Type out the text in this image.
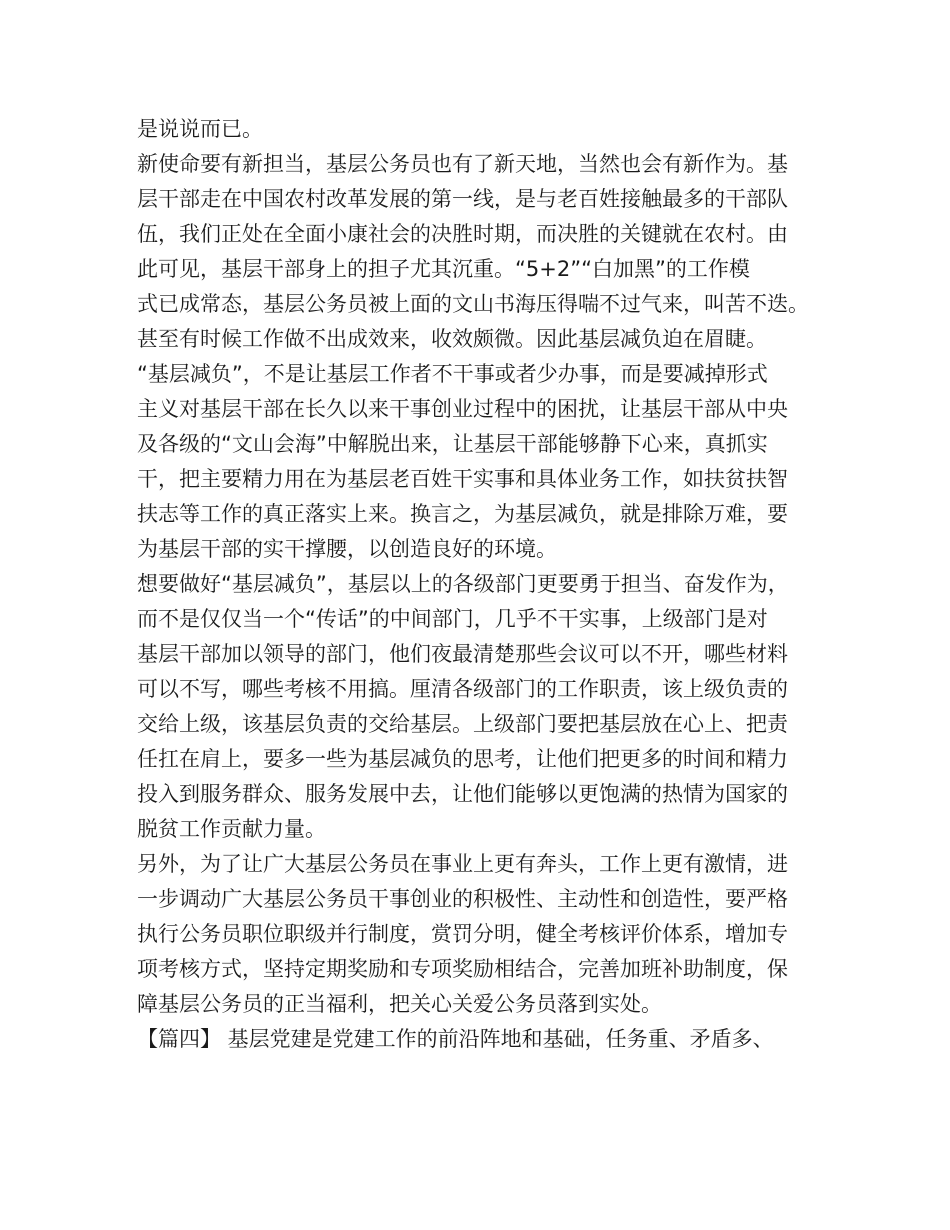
是说说而已。
新使命要有新担当，基层公务员也有了新天地，当然也会有新作为。基
层干部走在中国农村改革发展的第一线，是与老百姓接触最多的干部队
伍，我们正处在全面小康社会的决胜时期，而决胜的关键就在农村。由
此可见，基层干部身上的担子尤其沉重。“5+2”“白加黑”的工作模
式已成常态，基层公务员被上面的文山书海压得喘不过气来，叫苦不迭。
甚至有时候工作做不出成效来，收效颇微。因此基层减负迫在眉睫。
“基层减负”，不是让基层工作者不干事或者少办事，而是要减掉形式
主义对基层干部在长久以来干事创业过程中的困扰，让基层干部从中央
及各级的“文山会海”中解脱出来，让基层干部能够静下心来，真抓实
干，把主要精力用在为基层老百姓干实事和具体业务工作，如扶贫扶智
扶志等工作的真正落实上来。换言之，为基层减负，就是排除万难，要
为基层干部的实干撑腰，以创造良好的环境。
想要做好“基层减负”，基层以上的各级部门更要勇于担当、奋发作为，
而不是仅仅当一个“传话”的中间部门，几乎不干实事，上级部门是对
基层干部加以领导的部门，他们夜最清楚那些会议可以不开，哪些材料
可以不写，哪些考核不用搞。厘清各级部门的工作职责，该上级负责的
交给上级，该基层负责的交给基层。上级部门要把基层放在心上、把责
任扛在肩上，要多一些为基层减负的思考，让他们把更多的时间和精力
投入到服务群众、服务发展中去，让他们能够以更饱满的热情为国家的
脱贫工作贡献力量。
另外，为了让广大基层公务员在事业上更有奔头，工作上更有激情，进
一步调动广大基层公务员干事创业的积极性、主动性和创造性，要严格
执行公务员职位职级并行制度，赏罚分明，健全考核评价体系，增加专
项考核方式，坚持定期奖励和专项奖励相结合，完善加班补助制度，保
障基层公务员的正当福利，把关心关爱公务员落到实处。
【篇四】 基层党建是党建工作的前沿阵地和基础，任务重、矛盾多、
